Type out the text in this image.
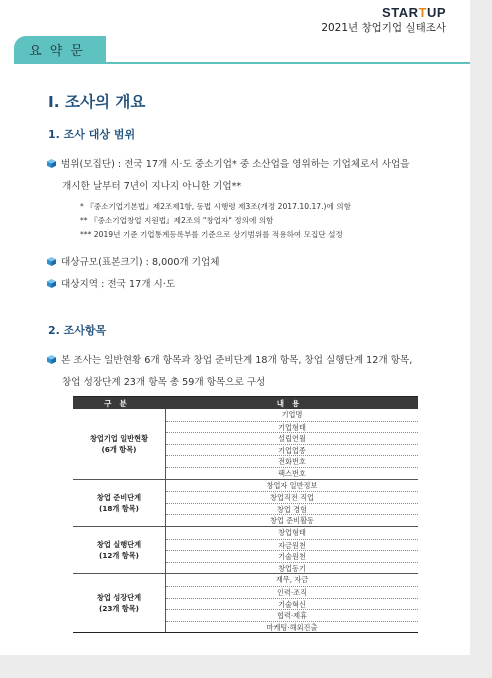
STARTUP
2021년 창업기업 실태조사
요약문
Ⅰ. 조사의 개요
1. 조사 대상 범위
범위(모집단) : 전국 17개 시·도 중소기업* 중 소산업을 영위하는 기업체로서 사업을
개시한 날부터 7년이 지나지 아니한 기업**
* 『중소기업기본법』제2조제1항, 동법 시행령 제3조(개정 2017.10.17.)에 의함
** 『중소기업창업 지원법』제2조의 "창업자" 정의에 의함
*** 2019년 기준 기업통계등록부를 기준으로 상기범위를 적용하여 모집단 설정
대상규모(표본크기) : 8,000개 기업체
대상지역 : 전국 17개 시·도
2. 조사항목
본 조사는 일반현황 6개 항목과 창업 준비단계 18개 항목, 창업 실행단계 12개 항목,
창업 성장단계 23개 항목 총 59개 항목으로 구성
구분	내용
창업기업 일반현황
(6개 항목)
기업명
기업형태
설립연월
기업업종
전화번호
팩스번호
창업 준비단계
(18개 항목)
창업자 일반정보
창업직전 직업
창업 경험
창업 준비활동
창업 실행단계
(12개 항목)
창업형태
자금원천
기술원천
창업동기
창업 성장단계
(23개 항목)
재무, 자금
인력·조직
기술혁신
협력·제휴
마케팅·해외진출
